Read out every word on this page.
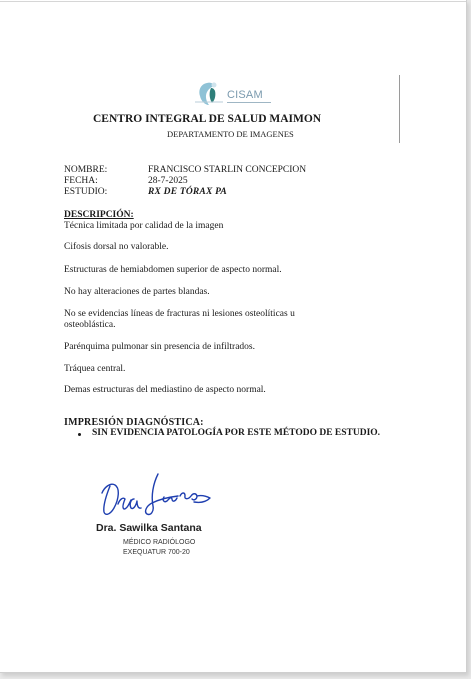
CISAM
CENTRO INTEGRAL DE SALUD MAIMON
DEPARTAMENTO DE IMAGENES
NOMBRE:	FRANCISCO STARLIN CONCEPCION
FECHA:	28-7-2025
ESTUDIO:	RX DE TÓRAX PA
DESCRIPCIÓN:
Técnica limitada por calidad de la imagen
Cifosis dorsal no valorable.
Estructuras de hemiabdomen superior de aspecto normal.
No hay alteraciones de partes blandas.
No se evidencias líneas de fracturas ni lesiones osteolíticas u
osteoblástica.
Parénquima pulmonar sin presencia de infiltrados.
Tráquea central.
Demas estructuras del mediastino de aspecto normal.
IMPRESIÓN DIAGNÓSTICA:
SIN EVIDENCIA PATOLOGÍA POR ESTE MÉTODO DE ESTUDIO.
Dra. Sawilka Santana
MÉDICO RADIÓLOGO
EXEQUATUR 700-20
